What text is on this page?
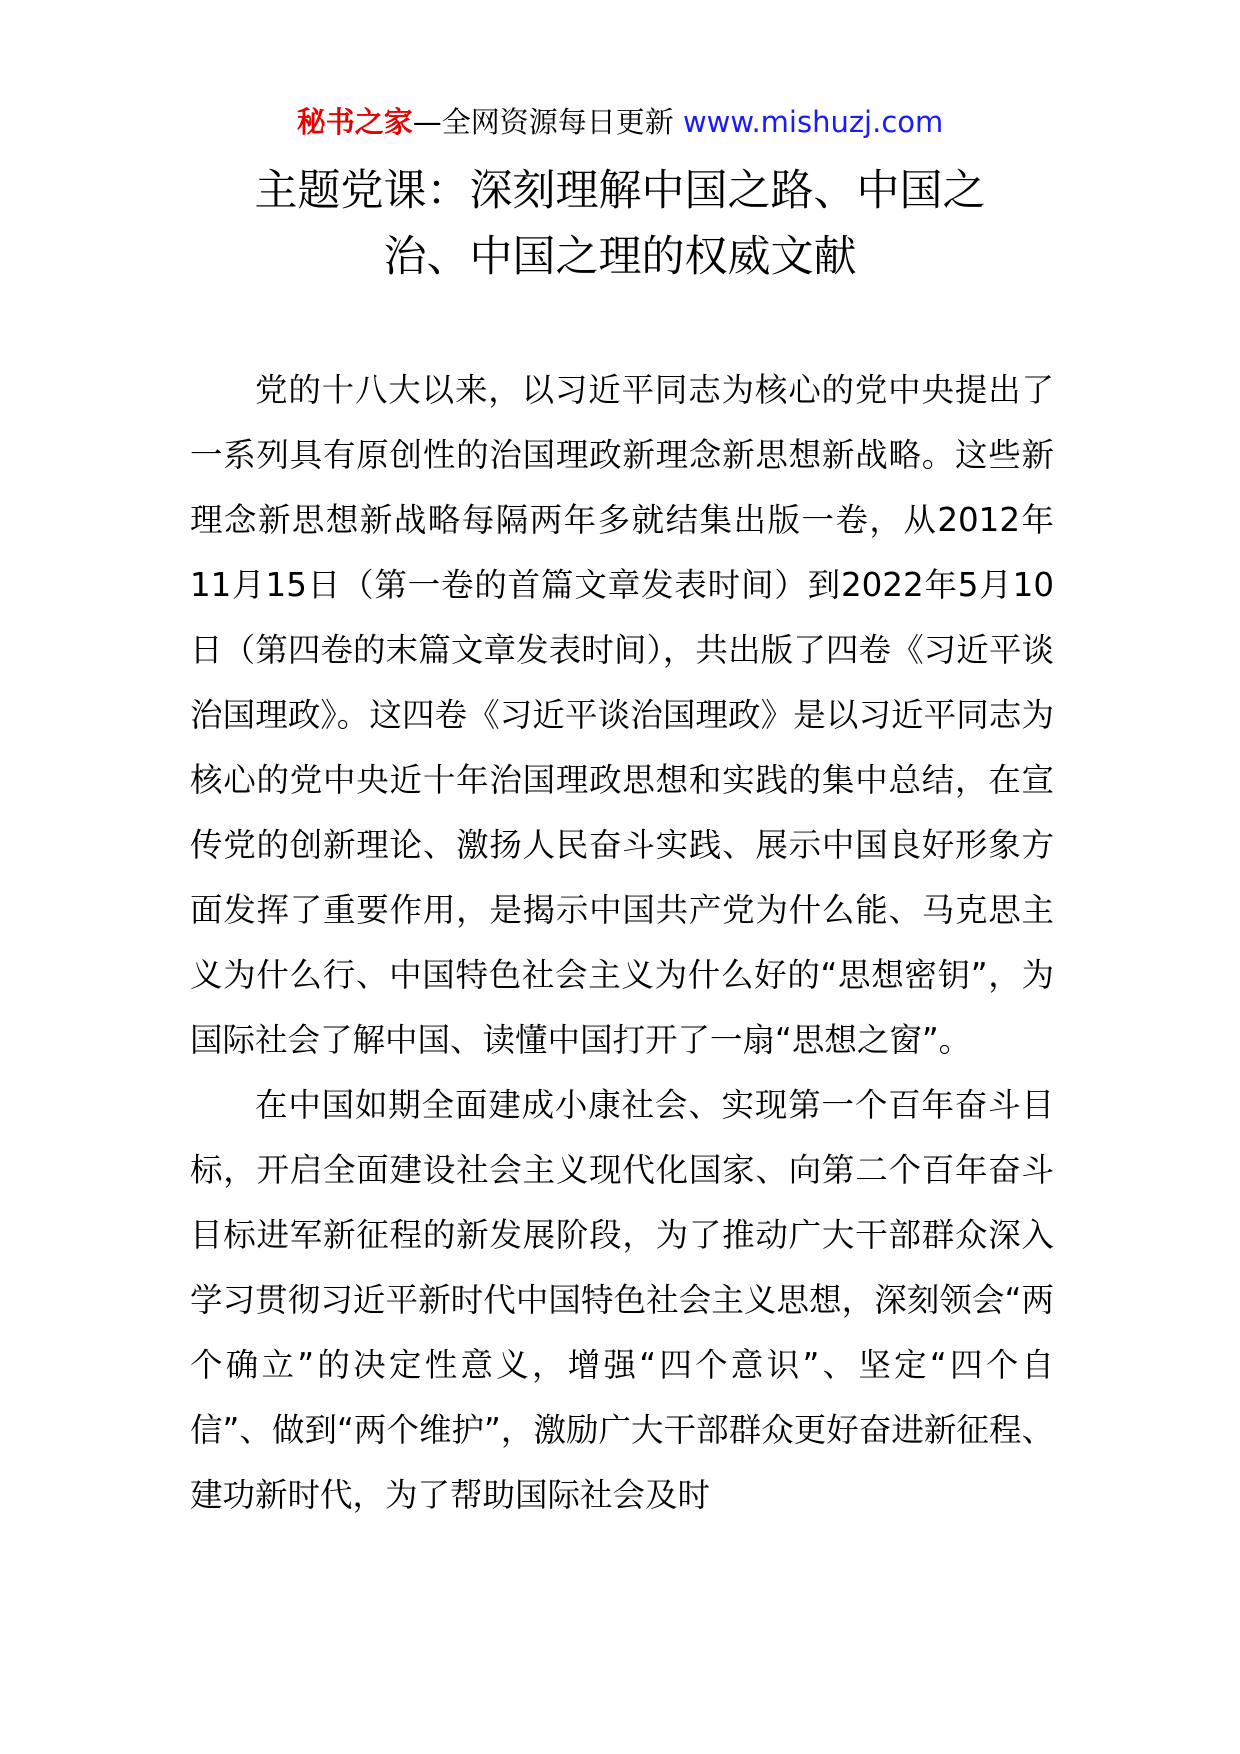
秘书之家—全网资源每日更新 www.mishuzj.com
主题党课：深刻理解中国之路、中国之
治、中国之理的权威文献

党的十八大以来，以习近平同志为核心的党中央提出了一系列具有原创性的治国理政新理念新思想新战略。这些新理念新思想新战略每隔两年多就结集出版一卷，从2012年11月15日（第一卷的首篇文章发表时间）到2022年5月10日（第四卷的末篇文章发表时间），共出版了四卷《习近平谈治国理政》。这四卷《习近平谈治国理政》是以习近平同志为核心的党中央近十年治国理政思想和实践的集中总结，在宣传党的创新理论、激扬人民奋斗实践、展示中国良好形象方面发挥了重要作用，是揭示中国共产党为什么能、马克思主义为什么行、中国特色社会主义为什么好的“思想密钥”，为国际社会了解中国、读懂中国打开了一扇“思想之窗”。

在中国如期全面建成小康社会、实现第一个百年奋斗目标，开启全面建设社会主义现代化国家、向第二个百年奋斗目标进军新征程的新发展阶段，为了推动广大干部群众深入学习贯彻习近平新时代中国特色社会主义思想，深刻领会“两个确立”的决定性意义，增强“四个意识”、坚定“四个自信”、做到“两个维护”，激励广大干部群众更好奋进新征程、建功新时代，为了帮助国际社会及时
